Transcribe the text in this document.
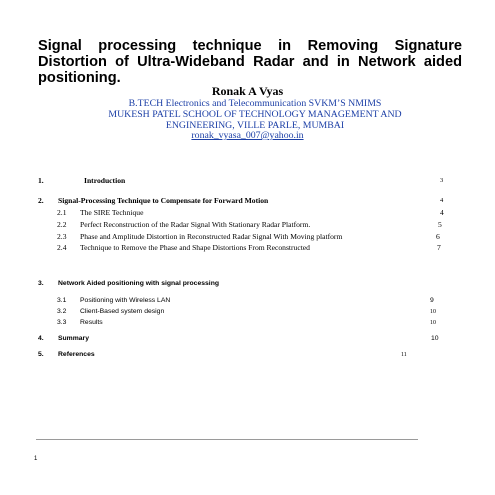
Signal processing technique in Removing Signature Distortion of Ultra-Wideband Radar and in Network aided positioning.

Ronak A Vyas

B.TECH Electronics and Telecommunication SVKM’S NMIMS

MUKESH PATEL SCHOOL OF TECHNOLOGY MANAGEMENT AND

ENGINEERING, VILLE PARLE, MUMBAI

ronak_vyasa_007@yahoo.in

1.	Introduction	3
2. Signal-Processing Technique to Compensate for Forward Motion	4
2.1 The SIRE Technique	4
2.2 Perfect Reconstruction of the Radar Signal With Stationary Radar Platform.	5
2.3 Phase and Amplitude Distortion in Reconstructed Radar Signal With Moving platform	6
2.4 Technique to Remove the Phase and Shape Distortions From Reconstructed	7
3. Network Aided positioning with signal processing
3.1 Positioning with Wireless LAN	9
3.2 Client-Based system design	10
3.3 Results	10
4. Summary	10
5. References	11
1
